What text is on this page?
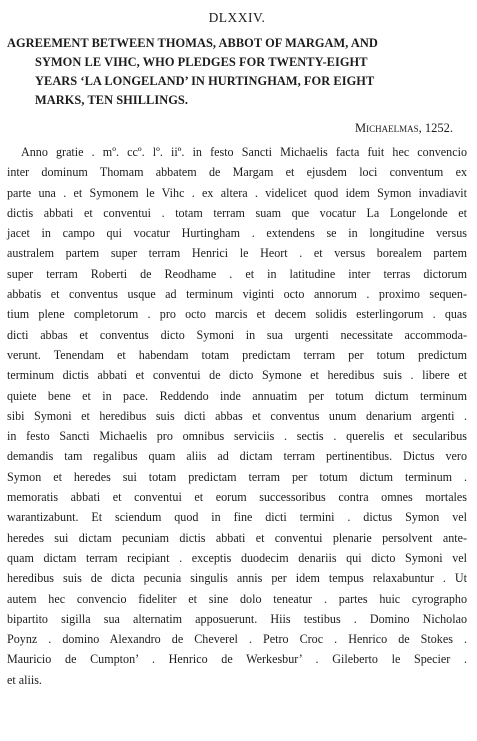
DLXXIV.
AGREEMENT BETWEEN THOMAS, ABBOT OF MARGAM, AND
SYMON LE VIHC, WHO PLEDGES FOR TWENTY-EIGHT
YEARS ‘LA LONGELAND’ IN HURTINGHAM, FOR EIGHT
MARKS, TEN SHILLINGS.
Michaelmas, 1252.
Anno gratie . mº. ccº. lº. iiº. in festo Sancti Michaelis facta fuit hec convencio
inter dominum Thomam abbatem de Margam et ejusdem loci conventum ex
parte una . et Symonem le Vihc . ex altera . videlicet quod idem Symon invadiavit
dictis abbati et conventui . totam terram suam que vocatur La Longelonde et
jacet in campo qui vocatur Hurtingham . extendens se in longitudine versus
australem partem super terram Henrici le Heort . et versus borealem partem
super terram Roberti de Reodhame . et in latitudine inter terras dictorum
abbatis et conventus usque ad terminum viginti octo annorum . proximo sequen-
tium plene completorum . pro octo marcis et decem solidis esterlingorum . quas
dicti abbas et conventus dicto Symoni in sua urgenti necessitate accommoda-
verunt. Tenendam et habendam totam predictam terram per totum predictum
terminum dictis abbati et conventui de dicto Symone et heredibus suis . libere et
quiete bene et in pace. Reddendo inde annuatim per totum dictum terminum
sibi Symoni et heredibus suis dicti abbas et conventus unum denarium argenti .
in festo Sancti Michaelis pro omnibus serviciis . sectis . querelis et secularibus
demandis tam regalibus quam aliis ad dictam terram pertinentibus. Dictus vero
Symon et heredes sui totam predictam terram per totum dictum terminum .
memoratis abbati et conventui et eorum successoribus contra omnes mortales
warantizabunt. Et sciendum quod in fine dicti termini . dictus Symon vel
heredes sui dictam pecuniam dictis abbati et conventui plenarie persolvent ante-
quam dictam terram recipiant . exceptis duodecim denariis qui dicto Symoni vel
heredibus suis de dicta pecunia singulis annis per idem tempus relaxabuntur . Ut
autem hec convencio fideliter et sine dolo teneatur . partes huic cyrographo
bipartito sigilla sua alternatim apposuerunt. Hiis testibus . Domino Nicholao
Poynz . domino Alexandro de Cheverel . Petro Croc . Henrico de Stokes .
Mauricio de Cumpton’ . Henrico de Werkesbur’ . Gileberto le Specier .
et aliis.
